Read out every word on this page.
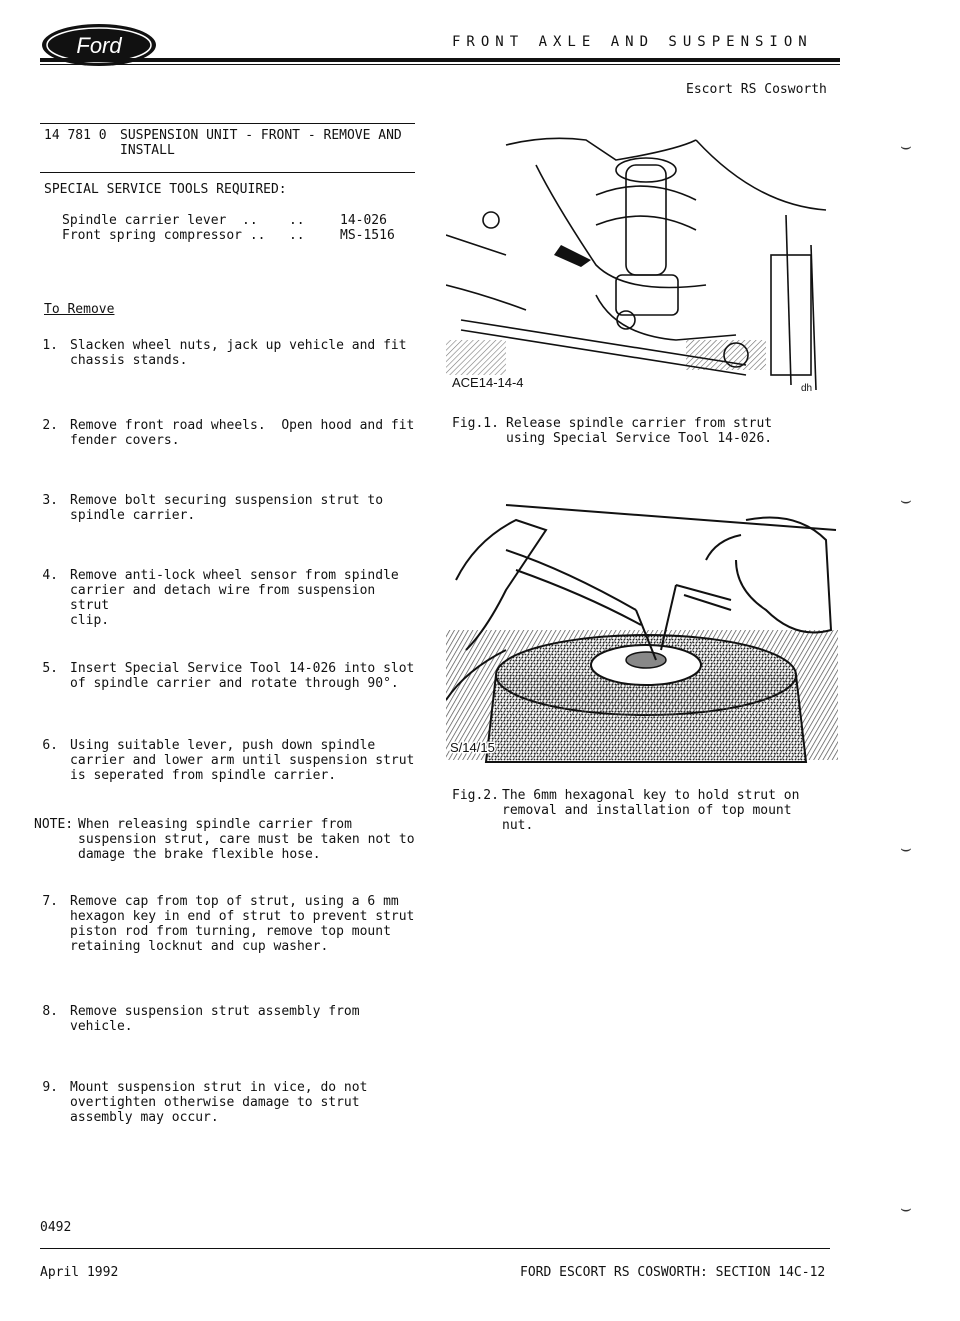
Ford	FRONT AXLE AND SUSPENSION
Escort RS Cosworth
14 781 0 SUSPENSION UNIT - FRONT - REMOVE AND
INSTALL
SPECIAL SERVICE TOOLS REQUIRED:
Spindle carrier lever  ..    ..	14-026
Front spring compressor ..   ..	MS-1516
To Remove
1. Slacken wheel nuts, jack up vehicle and fit
chassis stands.
2. Remove front road wheels.  Open hood and fit
fender covers.
3. Remove bolt securing suspension strut to
spindle carrier.
4. Remove anti-lock wheel sensor from spindle
carrier and detach wire from suspension strut
clip.
5. Insert Special Service Tool 14-026 into slot
of spindle carrier and rotate through 90°.
6. Using suitable lever, push down spindle
carrier and lower arm until suspension strut
is seperated from spindle carrier.
NOTE: When releasing spindle carrier from
suspension strut, care must be taken not to
damage the brake flexible hose.
7. Remove cap from top of strut, using a 6 mm
hexagon key in end of strut to prevent strut
piston rod from turning, remove top mount
retaining locknut and cup washer.
8. Remove suspension strut assembly from
vehicle.
9. Mount suspension strut in vice, do not
overtighten otherwise damage to strut
assembly may occur.
ACE14-14-4	dh
Fig.1. Release spindle carrier from strut
using Special Service Tool 14-026.
S/14/15
Fig.2. The 6mm hexagonal key to hold strut on
removal and installation of top mount
nut.
⌣
⌣
⌣
⌣
0492
April 1992	FORD ESCORT RS COSWORTH: SECTION 14C-12
